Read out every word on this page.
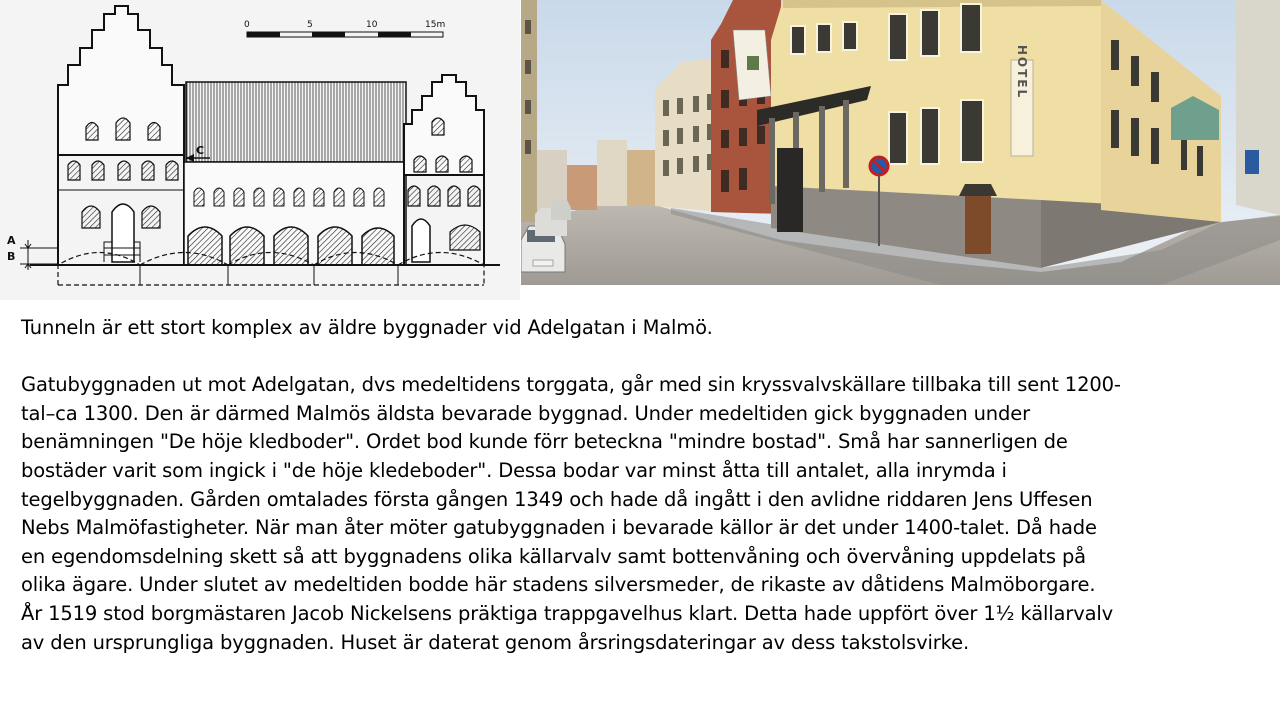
0	5	10	15m
C
A
B
HOTEL

Tunneln är ett stort komplex av äldre byggnader vid Adelgatan i Malmö.

Gatubyggnaden ut mot Adelgatan, dvs medeltidens torggata, går med sin kryssvalvskällare tillbaka till sent 1200-
tal–ca 1300. Den är därmed Malmös äldsta bevarade byggnad. Under medeltiden gick byggnaden under
benämningen "De höje kledboder". Ordet bod kunde förr beteckna "mindre bostad". Små har sannerligen de
bostäder varit som ingick i "de höje kledeboder". Dessa bodar var minst åtta till antalet, alla inrymda i
tegelbyggnaden. Gården omtalades första gången 1349 och hade då ingått i den avlidne riddaren Jens Uffesen
Nebs Malmöfastigheter. När man åter möter gatubyggnaden i bevarade källor är det under 1400-talet. Då hade
en egendomsdelning skett så att byggnadens olika källarvalv samt bottenvåning och övervåning uppdelats på
olika ägare. Under slutet av medeltiden bodde här stadens silversmeder, de rikaste av dåtidens Malmöborgare.
År 1519 stod borgmästaren Jacob Nickelsens präktiga trappgavelhus klart. Detta hade uppfört över 1½ källarvalv
av den ursprungliga byggnaden. Huset är daterat genom årsringsdateringar av dess takstolsvirke.
